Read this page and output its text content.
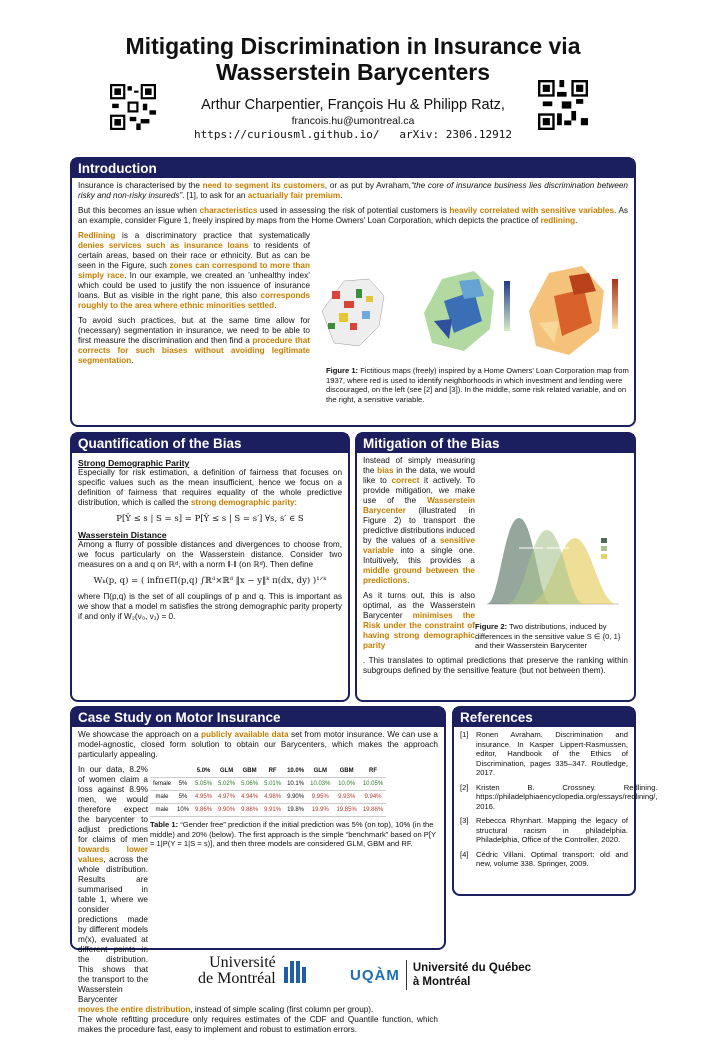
Mitigating Discrimination in Insurance via
Wasserstein Barycenters
Arthur Charpentier, François Hu & Philipp Ratz,
francois.hu@umontreal.ca
https://curiousml.github.io/ arXiv: 2306.12912
Introduction

Insurance is characterised by the need to segment its customers, or as put by Avraham,“the core of insurance business lies discrimination between risky and non-risky insureds”. [1], to ask for an actuarially fair premium.

But this becomes an issue when characteristics used in assessing the risk of potential customers is heavily correlated with sensitive variables. As an example, consider Figure 1, freely inspired by maps from the Home Owners' Loan Corporation, which depicts the practice of redlining.

Redlining is a discriminatory practice that systematically denies services such as insurance loans to residents of certain areas, based on their race or ethnicity. But as can be seen in the Figure, such zones can correspond to more than simply race. In our example, we created an ’unhealthy index’ which could be used to justify the non issuence of insurance loans. But as visible in the right pane, this also corresponds roughly to the area where ethnic minorities settled.

To avoid such practices, but at the same time allow for (necessary) segmentation in insurance, we need to be able to first measure the discrimination and then find a procedure that corrects for such biases without avoiding legitimate segmentation.

Figure 1: Fictitious maps (freely) inspired by a Home Owners' Loan Corporation map from 1937, where red is used to identify neighborhoods in which investment and lending were discouraged, on the left (see [2] and [3]). In the middle, some risk related variable, and on the right, a sensitive variable.
Quantification of the Bias
Strong Demographic Parity

Especially for risk estimation, a definition of fairness that focuses on specific values such as the mean insufficient, hence we focus on a definition of fairness that requires equality of the whole predictive distribution, which is called the strong demographic parity:

P[Ŷ ≤ s | S = s] = P[Ŷ ≤ s | S = s′] ∀s, s′ ∈ S
Wasserstein Distance

Among a flurry of possible distances and divergences to choose from, we focus particularly on the Wasserstein distance. Consider two measures on a and q on ℝᵈ, with a norm ‖·‖ (on ℝᵈ). Then define

Wₖ(p, q) = ( infπ∈Π(p,q) ∫ℝᵈ×ℝᵈ ‖x − y‖ᵏ π(dx, dy) )¹ᐟᵏ

where Π(p,q) is the set of all couplings of p and q. This is important as we show that a model m satisfies the strong demographic parity property if and only if W₂(ν₀, ν₁) = 0.

Mitigation of the Bias

Instead of simply measuring the bias in the data, we would like to correct it actively. To provide mitigation, we make use of the Wasserstein Barycenter (illustrated in Figure 2) to transport the predictive distributions induced by the values of a sensitive variable into a single one. Intuitively, this provides a middle ground between the predictions.

As it turns out, this is also optimal, as the Wasserstein Barycenter minimises the Risk under the constraint of having strong demographic parity

. This translates to optimal predictions that preserve the ranking within subgroups defined by the sensitive feature (but not between them).
Figure 2: Two distributions, induced by differences in the sensitive value S ∈ {0, 1} and their Wasserstein Barycenter
Case Study on Motor Insurance

We showcase the approach on a publicly available data set from motor insurance. We can use a model-agnostic, closed form solution to obtain our Barycenters, which makes the approach particularly appealing.

In our data, 8.2% of women claim a loss against 8.9% men, we would therefore expect the barycenter to adjust predictions for claims of men towards lower values, across the whole distribution. Results are summarised in table 1, where we consider predictions made by different models m(x), evaluated at different points in the distribution. This shows that the transport to the Wasserstein Barycenter
		5.0%	GLM	GBM	RF	10.0%	GLM	GBM	RF
female	5%	5.05%	5.02%	5.06%	5.01%	10.1%	10.03%	10.0%	10.05%
male	5%	4.95%	4.97%	4.94%	4.98%	9.90%	9.95%	9.93%	9.94%
male	10%	9.86%	9.90%	9.88%	9.91%	19.8%	19.9%	19.85%	19.88%
Table 1: “Gender free” prediction if the initial prediction was 5% (on top), 10% (in the middle) and 20% (below). The first approach is the simple “benchmark” based on P[Y = 1|P(Y = 1|S = s)], and then three models are considered GLM, GBM and RF.
moves the entire distribution, instead of simple scaling (first column per group).

The whole refitting procedure only requires estimates of the CDF and Quantile function, which makes the procedure fast, easy to implement and robust to estimation errors.

References
[1] Ronen Avraham. Discrimination and insurance. In Kasper Lippert-Rasmussen, editor, Handbook of the Ethics of Discrimination, pages 335–347. Routledge, 2017.
[2] Kristen B. Crossney. Redlining. https://philadelphiaencyclopedia.org/essays/redlining/, 2016.
[3] Rebecca Rhynhart. Mapping the legacy of structural racism in philadelphia. Philadelphia, Office of the Controller, 2020.
[4] Cédric Villani. Optimal transport: old and new, volume 338. Springer, 2009.
Université
de Montréal	UQÀM Université du Québec
à Montréal
